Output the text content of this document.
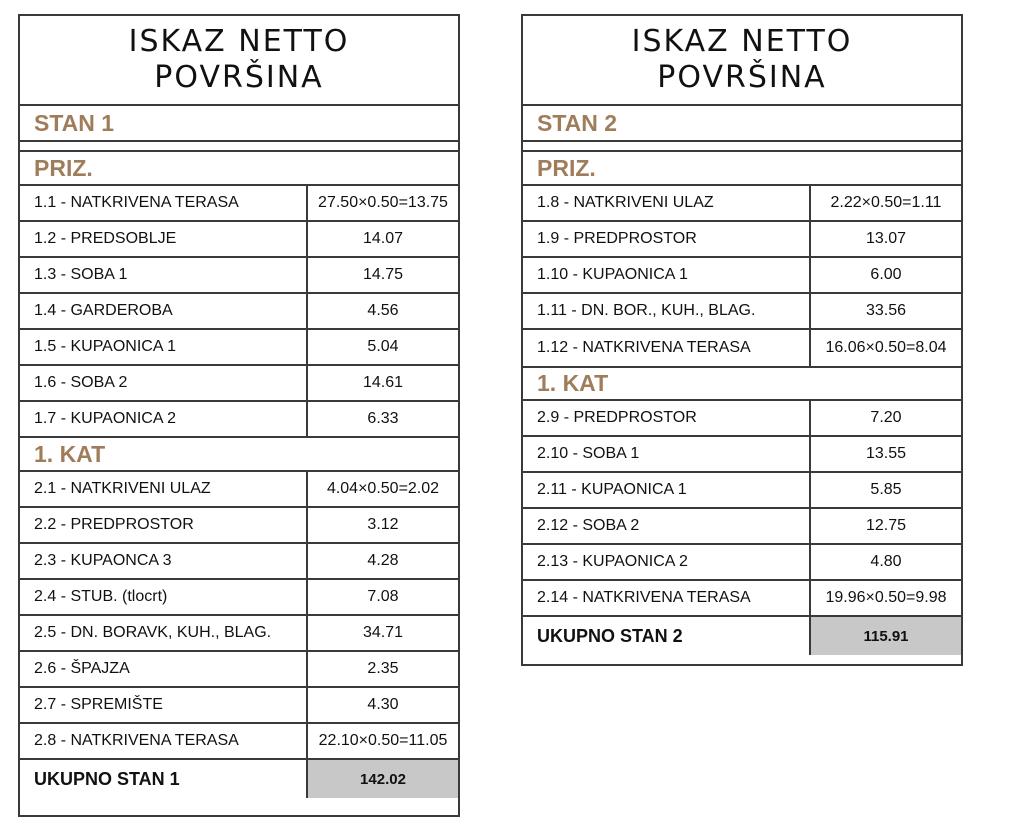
ISKAZ NETTO
POVRŠINA
STAN 1
PRIZ.
1.1 - NATKRIVENA TERASA	27.50×0.50=13.75
1.2 - PREDSOBLJE	14.07
1.3 - SOBA 1	14.75
1.4 - GARDEROBA	4.56
1.5 - KUPAONICA 1	5.04
1.6 - SOBA 2	14.61
1.7 - KUPAONICA 2	6.33
1. KAT
2.1 - NATKRIVENI ULAZ	4.04×0.50=2.02
2.2 - PREDPROSTOR	3.12
2.3 - KUPAONCA 3	4.28
2.4 - STUB. (tlocrt)	7.08
2.5 - DN. BORAVK, KUH., BLAG.	34.71
2.6 - ŠPAJZA	2.35
2.7 - SPREMIŠTE	4.30
2.8 - NATKRIVENA TERASA	22.10×0.50=11.05
UKUPNO STAN 1	142.02
ISKAZ NETTO
POVRŠINA
STAN 2
PRIZ.
1.8 - NATKRIVENI ULAZ	2.22×0.50=1.11
1.9 - PREDPROSTOR	13.07
1.10 - KUPAONICA 1	6.00
1.11 - DN. BOR., KUH., BLAG.	33.56
1.12 - NATKRIVENA TERASA	16.06×0.50=8.04
1. KAT
2.9 - PREDPROSTOR	7.20
2.10 - SOBA 1	13.55
2.11 - KUPAONICA 1	5.85
2.12 - SOBA 2	12.75
2.13 - KUPAONICA 2	4.80
2.14 - NATKRIVENA TERASA	19.96×0.50=9.98
UKUPNO STAN 2	115.91
